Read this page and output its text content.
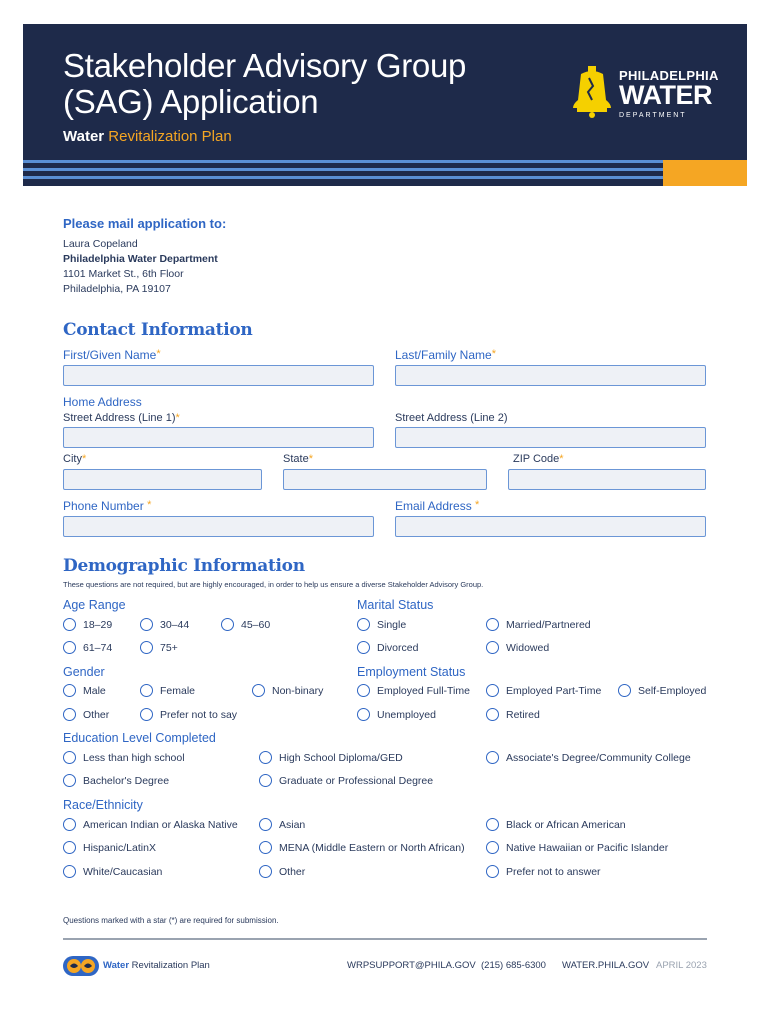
Stakeholder Advisory Group
(SAG) Application
Water Revitalization Plan
PHILADELPHIA
WATER
DEPARTMENT
Please mail application to:
Laura Copeland
Philadelphia Water Department
1101 Market St., 6th Floor
Philadelphia, PA 19107
Contact Information
First/Given Name*	Last/Family Name*
Home Address
Street Address (Line 1)*	Street Address (Line 2)
City*	State*	ZIP Code*
Phone Number *	Email Address *
Demographic Information
These questions are not required, but are highly encouraged, in order to help us ensure a diverse Stakeholder Advisory Group.
Age Range
18–29	30–44	45–60
61–74	75+
Marital Status
Single	Married/Partnered
Divorced	Widowed
Gender
Male	Female	Non-binary
Other	Prefer not to say
Employment Status
Employed Full-Time	Employed Part-Time	Self-Employed
Unemployed	Retired
Education Level Completed
Less than high school	High School Diploma/GED	Associate's Degree/Community College
Bachelor's Degree	Graduate or Professional Degree
Race/Ethnicity
American Indian or Alaska Native	Asian	Black or African American
Hispanic/LatinX	MENA (Middle Eastern or North African)	Native Hawaiian or Pacific Islander
White/Caucasian	Other	Prefer not to answer
Questions marked with a star (*) are required for submission.
Water Revitalization Plan	WRPSUPPORT@PHILA.GOV (215) 685-6300 WATER.PHILA.GOV APRIL 2023
